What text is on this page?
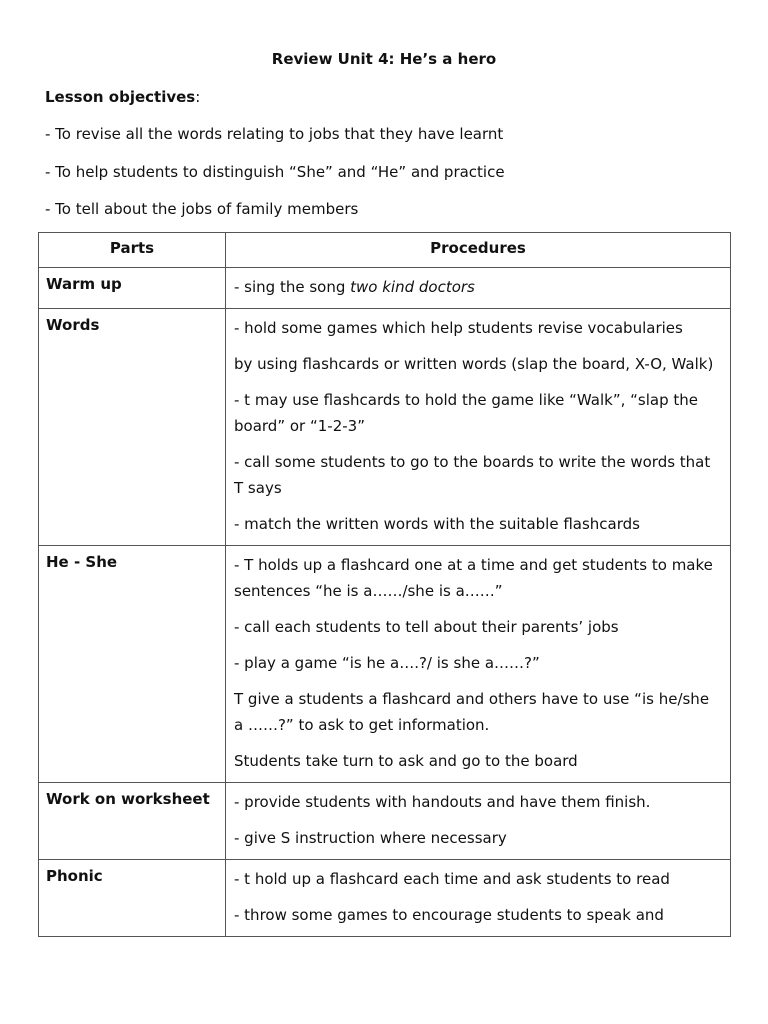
Review Unit 4: He’s a hero
Lesson objectives:
- To revise all the words relating to jobs that they have learnt
- To help students to distinguish “She” and “He” and practice
- To tell about the jobs of family members
Parts	Procedures
Warm up	- sing the song two kind doctors

Words	- hold some games which help students revise vocabularies

by using flashcards or written words (slap the board, X-O, Walk)

- t may use flashcards to hold the game like “Walk”, “slap the board” or “1-2-3”

- call some students to go to the boards to write the words that T says

- match the written words with the suitable flashcards

He - She	- T holds up a flashcard one at a time and get students to make sentences “he is a……/she is a……”

- call each students to tell about their parents’ jobs

- play a game “is he a….?/ is she a……?”

T give a students a flashcard and others have to use “is he/she a ……?” to ask to get information.

Students take turn to ask and go to the board

Work on worksheet	- provide students with handouts and have them finish.

- give S instruction where necessary

Phonic	- t hold up a flashcard each time and ask students to read

- throw some games to encourage students to speak and
